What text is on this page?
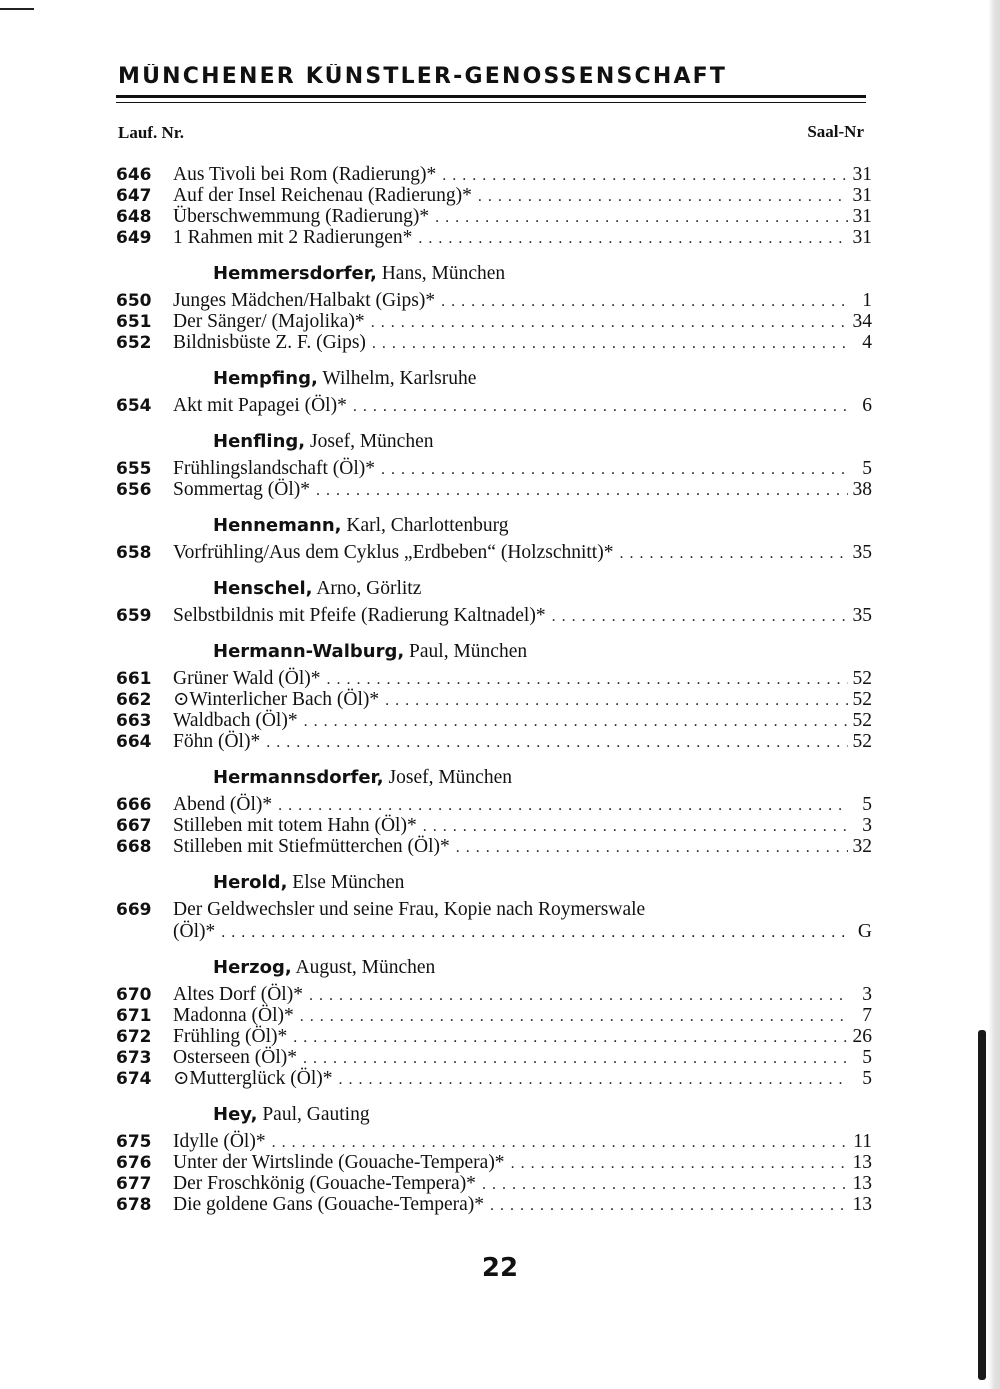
MÜNCHENER KÜNSTLER-GENOSSENSCHAFT
Lauf. Nr.	Saal-Nr
646	Aus Tivoli bei Rom (Radierung)* . . .	31
647	Auf der Insel Reichenau (Radierung)* . . .	31
648	Überschwemmung (Radierung)* . . .	31
649	1 Rahmen mit 2 Radierungen* . . .	31
Hemmersdorfer, Hans, München
650	Junges Mädchen/Halbakt (Gips)* . . .	1
651	Der Sänger/ (Majolika)* . . .	34
652	Bildnisbüste Z. F. (Gips) . . .	4
Hempfing, Wilhelm, Karlsruhe
654	Akt mit Papagei (Öl)* . . .	6
Henfling, Josef, München
655	Frühlingslandschaft (Öl)* . . .	5
656	Sommertag (Öl)* . . .	38
Hennemann, Karl, Charlottenburg
658	Vorfrühling/Aus dem Cyklus „Erdbeben“ (Holzschnitt)* . . .	35
Henschel, Arno, Görlitz
659	Selbstbildnis mit Pfeife (Radierung Kaltnadel)* . . .	35
Hermann-Walburg, Paul, München
661	Grüner Wald (Öl)* . . .	52
662	⊙Winterlicher Bach (Öl)* . . .	52
663	Waldbach (Öl)* . . .	52
664	Föhn (Öl)* . . .	52
Hermannsdorfer, Josef, München
666	Abend (Öl)* . . .	5
667	Stilleben mit totem Hahn (Öl)* . . .	3
668	Stilleben mit Stiefmütterchen (Öl)* . . .	32
Herold, Else München
669	Der Geldwechsler und seine Frau, Kopie nach Roymerswale
(Öl)* . . .	G
Herzog, August, München
670	Altes Dorf (Öl)* . . .	3
671	Madonna (Öl)* . . .	7
672	Frühling (Öl)* . . .	26
673	Osterseen (Öl)* . . .	5
674	⊙Mutterglück (Öl)* . . .	5
Hey, Paul, Gauting
675	Idylle (Öl)* . . .	11
676	Unter der Wirtslinde (Gouache-Tempera)* . . .	13
677	Der Froschkönig (Gouache-Tempera)* . . .	13
678	Die goldene Gans (Gouache-Tempera)* . . .	13
22
